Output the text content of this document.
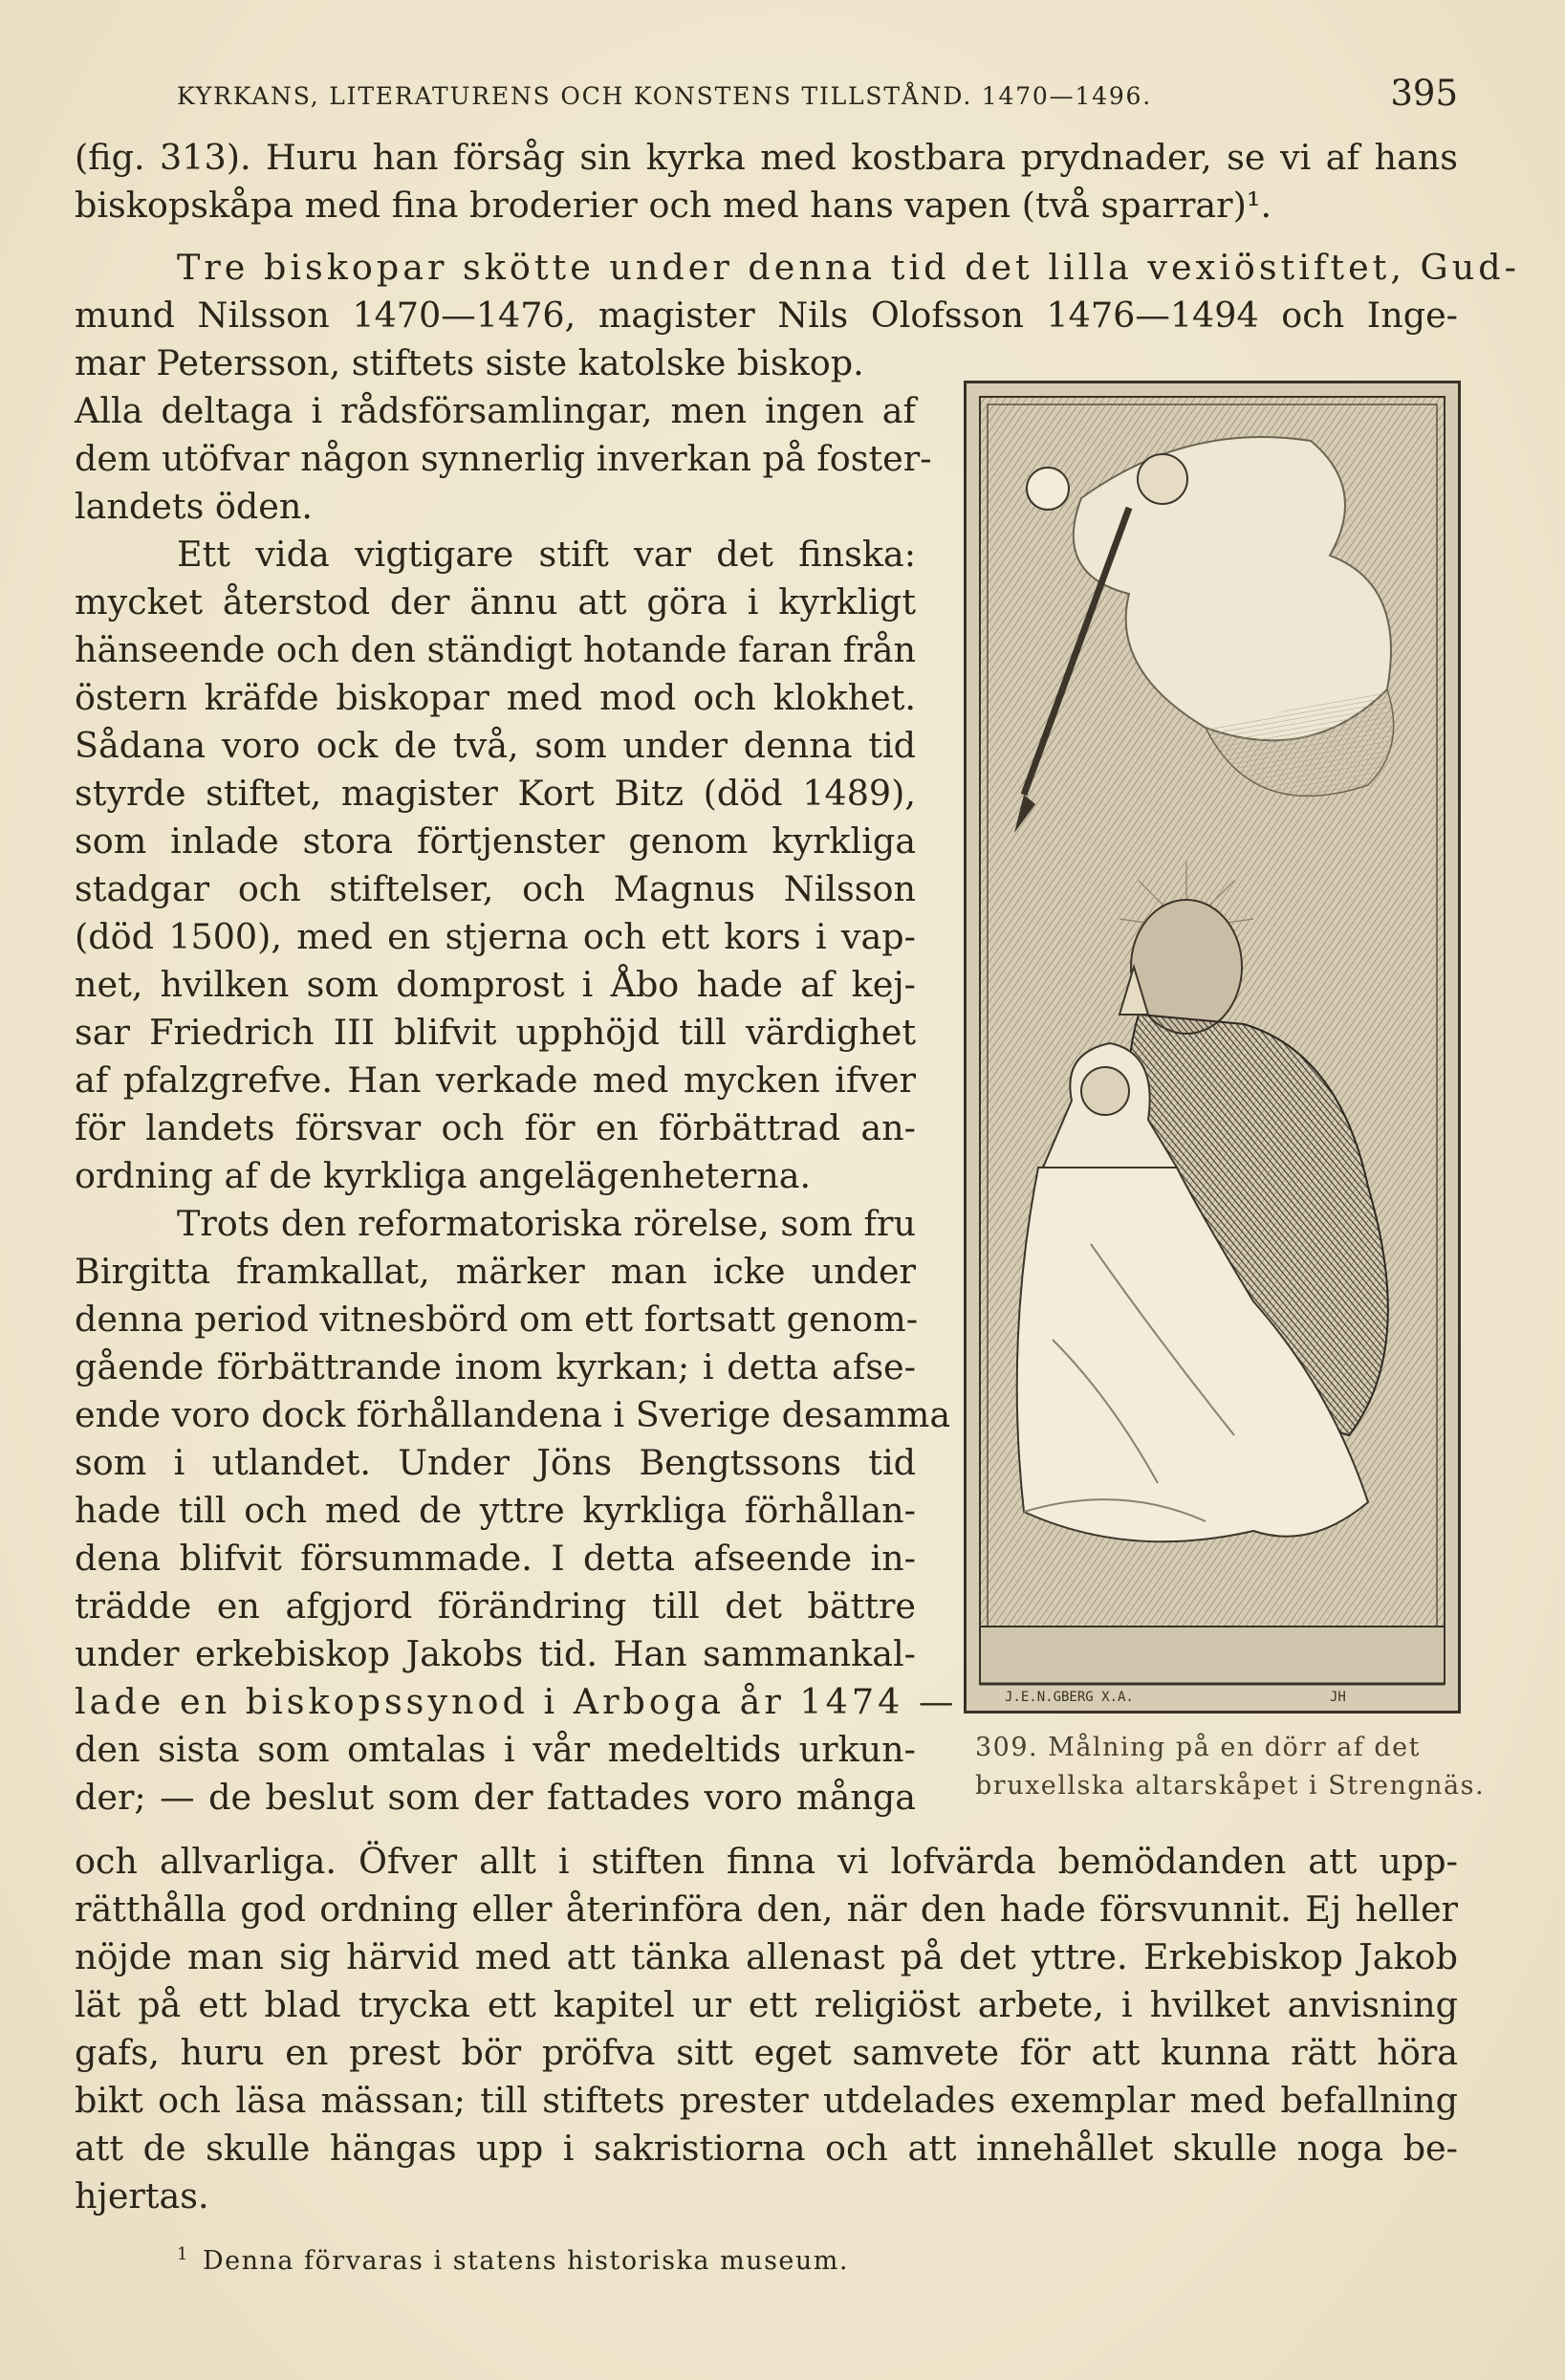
KYRKANS, LITERATURENS OCH KONSTENS TILLSTÅND. 1470—1496.	395
(fig. 313). Huru han försåg sin kyrka med kostbara prydnader, se vi af hans
biskopskåpa med fina broderier och med hans vapen (två sparrar)¹.
Tre biskopar skötte under denna tid det lilla vexiöstiftet, Gud-
mund Nilsson 1470—1476, magister Nils Olofsson 1476—1494 och Inge-
mar Petersson, stiftets siste katolske biskop.
Alla deltaga i rådsförsamlingar, men ingen af
dem utöfvar någon synnerlig inverkan på foster-
landets öden.
Ett vida vigtigare stift var det finska:
mycket återstod der ännu att göra i kyrkligt
hänseende och den ständigt hotande faran från
östern kräfde biskopar med mod och klokhet.
Sådana voro ock de två, som under denna tid
styrde stiftet, magister Kort Bitz (död 1489),
som inlade stora förtjenster genom kyrkliga
stadgar och stiftelser, och Magnus Nilsson
(död 1500), med en stjerna och ett kors i vap-
net, hvilken som domprost i Åbo hade af kej-
sar Friedrich III blifvit upphöjd till värdighet
af pfalzgrefve. Han verkade med mycken ifver
för landets försvar och för en förbättrad an-
ordning af de kyrkliga angelägenheterna.
Trots den reformatoriska rörelse, som fru
Birgitta framkallat, märker man icke under
denna period vitnesbörd om ett fortsatt genom-
gående förbättrande inom kyrkan; i detta afse-
ende voro dock förhållandena i Sverige desamma
som i utlandet. Under Jöns Bengtssons tid
hade till och med de yttre kyrkliga förhållan-
dena blifvit försummade. I detta afseende in-
trädde en afgjord förändring till det bättre
under erkebiskop Jakobs tid. Han sammankal-
lade en biskopssynod i Arboga år 1474 —
den sista som omtalas i vår medeltids urkun-
der; — de beslut som der fattades voro många
och allvarliga. Öfver allt i stiften finna vi lofvärda bemödanden att upp-
rätthålla god ordning eller återinföra den, när den hade försvunnit. Ej heller
nöjde man sig härvid med att tänka allenast på det yttre. Erkebiskop Jakob
lät på ett blad trycka ett kapitel ur ett religiöst arbete, i hvilket anvisning
gafs, huru en prest bör pröfva sitt eget samvete för att kunna rätt höra
bikt och läsa mässan; till stiftets prester utdelades exemplar med befallning
att de skulle hängas upp i sakristiorna och att innehållet skulle noga be-
hjertas.
J.E.N.GBERG X.A.	JH
309. Målning på en dörr af det
bruxellska altarskåpet i Strengnäs.
$^1$ Denna förvaras i statens historiska museum.
